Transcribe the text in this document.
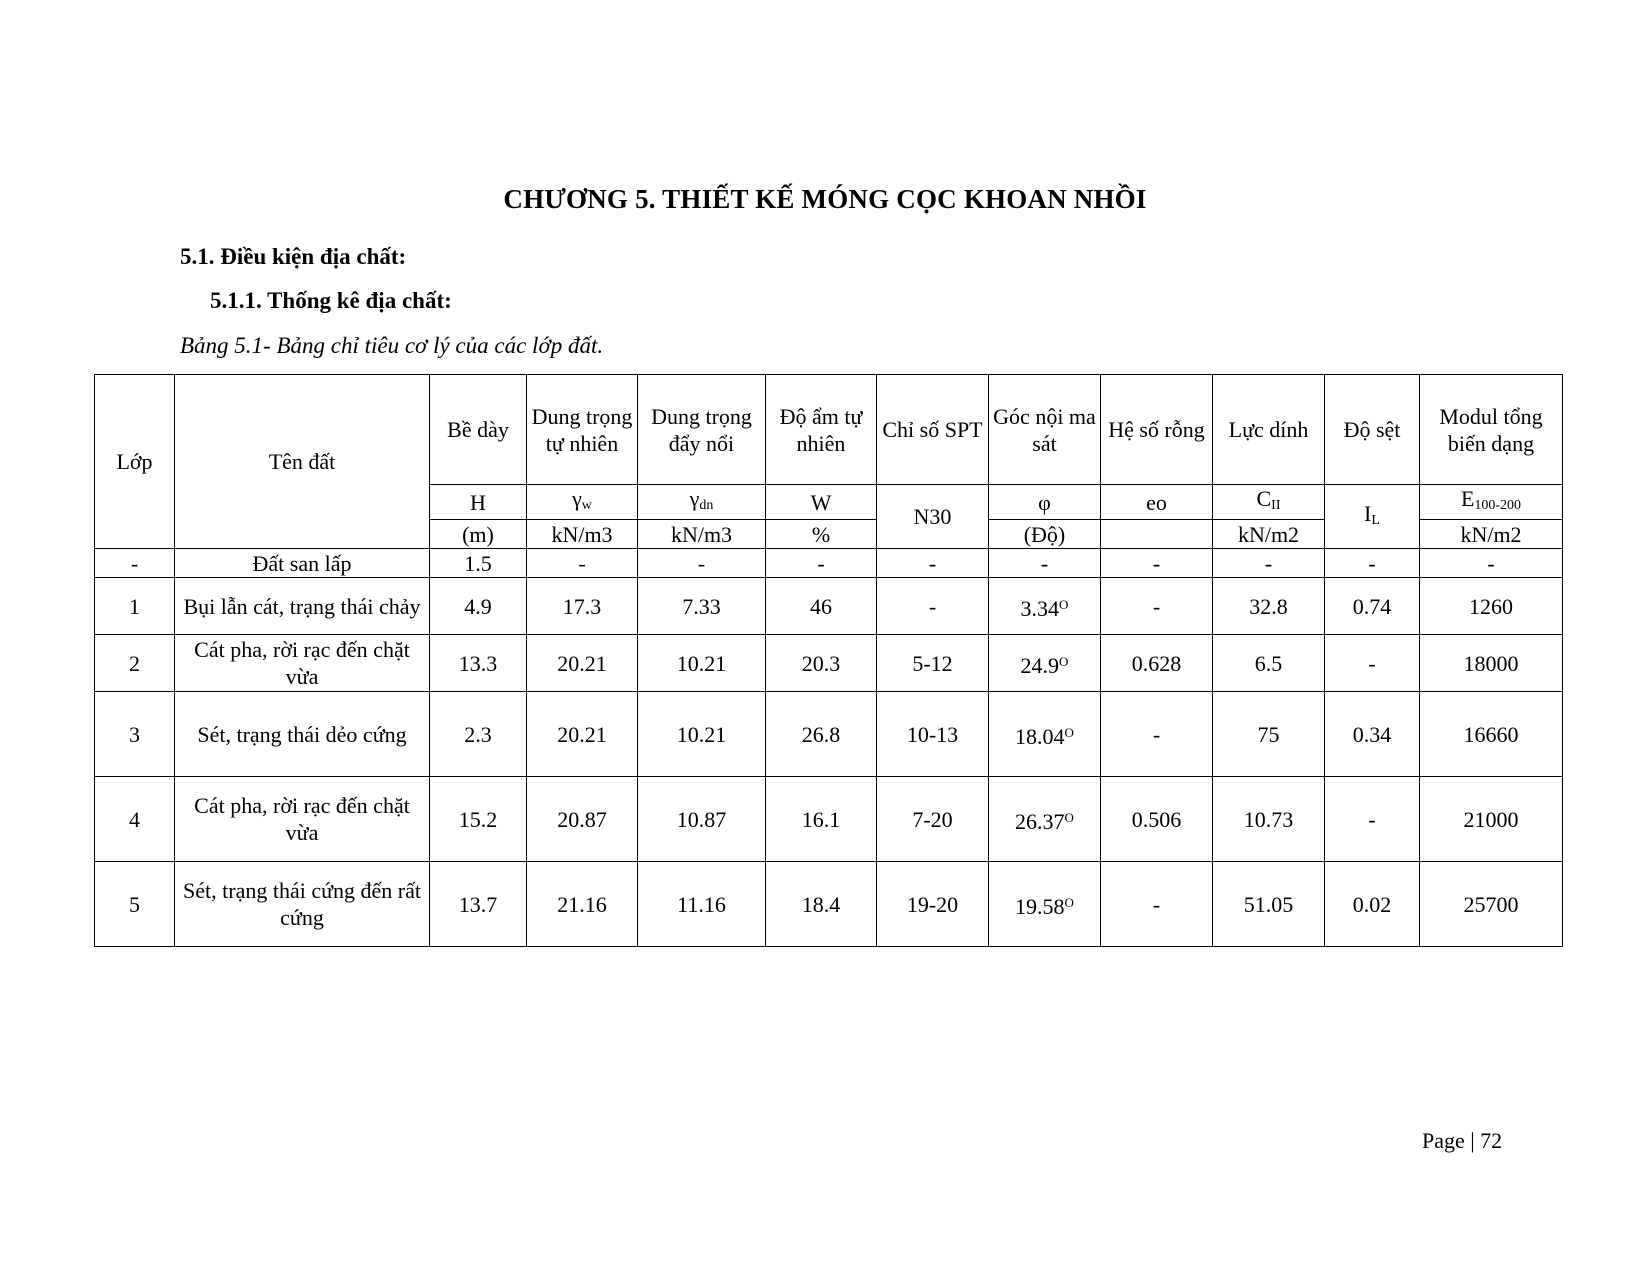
CHƯƠNG 5. THIẾT KẾ MÓNG CỌC KHOAN NHỒI
5.1. Điều kiện địa chất:
5.1.1. Thống kê địa chất:
Bảng 5.1- Bảng chỉ tiêu cơ lý của các lớp đất.
Lớp	Tên đất	Bề dày	Dung trọng tự nhiên	Dung trọng đẩy nổi	Độ ẩm tự nhiên	Chỉ số SPT	Góc nội ma sát	Hệ số rỗng	Lực dính	Độ sệt	Modul tổng biến dạng
		H	$\gamma_w$	$\gamma_{dn}$	W	N30	φ	eo	$C_{II}$	$I_L$	$E_{100-200}$
		(m)	kN/m3	kN/m3	%		(Độ)		kN/m2		kN/m2
-	Đất san lấp	1.5	-	-	-	-	-	-	-	-	-
1	Bụi lẫn cát, trạng thái chảy	4.9	17.3	7.33	46	-	$3.34^O$	-	32.8	0.74	1260
2	Cát pha, rời rạc đến chặt vừa	13.3	20.21	10.21	20.3	5-12	$24.9^O$	0.628	6.5	-	18000
3	Sét, trạng thái dẻo cứng	2.3	20.21	10.21	26.8	10-13	$18.04^O$	-	75	0.34	16660
4	Cát pha, rời rạc đến chặt vừa	15.2	20.87	10.87	16.1	7-20	$26.37^O$	0.506	10.73	-	21000
5	Sét, trạng thái cứng đến rất cứng	13.7	21.16	11.16	18.4	19-20	$19.58^O$	-	51.05	0.02	25700
Page | 72
